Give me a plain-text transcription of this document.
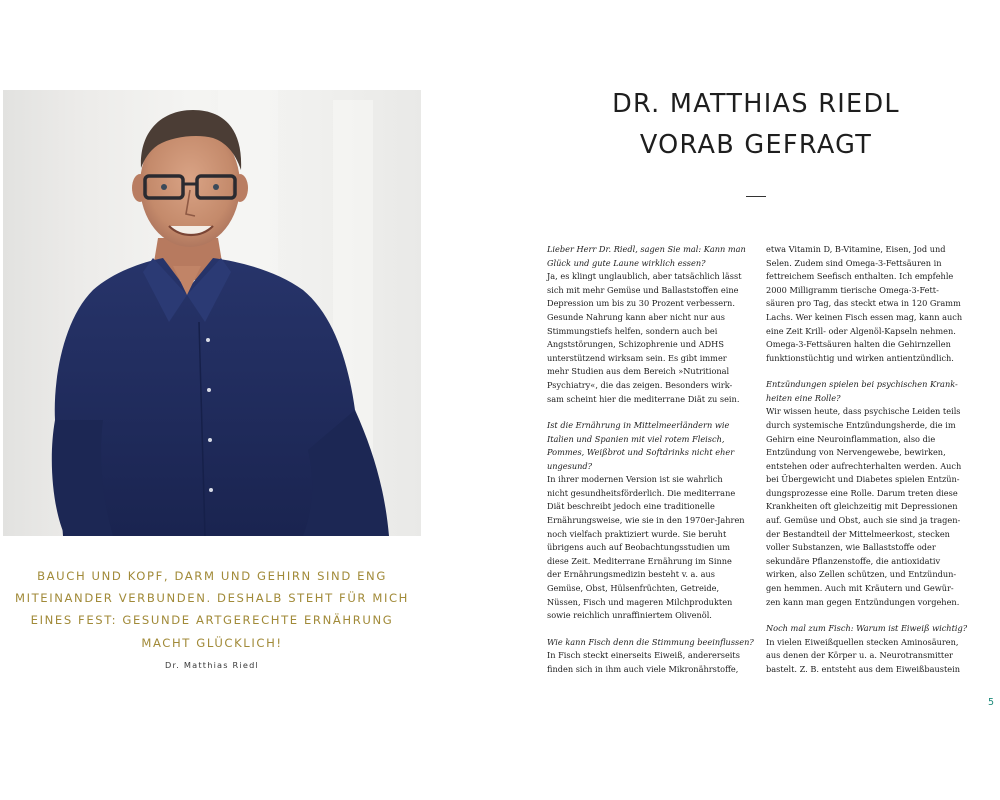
BAUCH UND KOPF, DARM UND GEHIRN SIND ENG
MITEINANDER VERBUNDEN. DESHALB STEHT FÜR MICH
EINES FEST: GESUNDE ARTGERECHTE ERNÄHRUNG
MACHT GLÜCKLICH!
Dr. Matthias Riedl
DR. MATTHIAS RIEDL
VORAB GEFRAGT
Lieber Herr Dr. Riedl, sagen Sie mal: Kann man
Glück und gute Laune wirklich essen?
Ja, es klingt unglaublich, aber tatsächlich lässt
sich mit mehr Gemüse und Ballaststoffen eine
Depression um bis zu 30 Prozent verbessern.
Gesunde Nahrung kann aber nicht nur aus
Stimmungstiefs helfen, sondern auch bei
Angststörungen, Schizophrenie und ADHS
unterstützend wirksam sein. Es gibt immer
mehr Studien aus dem Bereich »Nutritional
Psychiatry«, die das zeigen. Besonders wirk-
sam scheint hier die mediterrane Diät zu sein.
Ist die Ernährung in Mittelmeerländern wie
Italien und Spanien mit viel rotem Fleisch,
Pommes, Weißbrot und Softdrinks nicht eher
ungesund?
In ihrer modernen Version ist sie wahrlich
nicht gesundheitsförderlich. Die mediterrane
Diät beschreibt jedoch eine traditionelle
Ernährungsweise, wie sie in den 1970er-Jahren
noch vielfach praktiziert wurde. Sie beruht
übrigens auch auf Beobachtungsstudien um
diese Zeit. Mediterrane Ernährung im Sinne
der Ernährungsmedizin besteht v. a. aus
Gemüse, Obst, Hülsenfrüchten, Getreide,
Nüssen, Fisch und mageren Milchprodukten
sowie reichlich unraffiniertem Olivenöl.
Wie kann Fisch denn die Stimmung beeinflussen?
In Fisch steckt einerseits Eiweiß, andererseits
finden sich in ihm auch viele Mikronährstoffe,
etwa Vitamin D, B-Vitamine, Eisen, Jod und
Selen. Zudem sind Omega-3-Fettsäuren in
fettreichem Seefisch enthalten. Ich empfehle
2000 Milligramm tierische Omega-3-Fett-
säuren pro Tag, das steckt etwa in 120 Gramm
Lachs. Wer keinen Fisch essen mag, kann auch
eine Zeit Krill- oder Algenöl-Kapseln nehmen.
Omega-3-Fettsäuren halten die Gehirnzellen
funktionstüchtig und wirken antientzündlich.
Entzündungen spielen bei psychischen Krank-
heiten eine Rolle?
Wir wissen heute, dass psychische Leiden teils
durch systemische Entzündungsherde, die im
Gehirn eine Neuroinflammation, also die
Entzündung von Nervengewebe, bewirken,
entstehen oder aufrechterhalten werden. Auch
bei Übergewicht und Diabetes spielen Entzün-
dungsprozesse eine Rolle. Darum treten diese
Krankheiten oft gleichzeitig mit Depressionen
auf. Gemüse und Obst, auch sie sind ja tragen-
der Bestandteil der Mittelmeerkost, stecken
voller Substanzen, wie Ballaststoffe oder
sekundäre Pflanzenstoffe, die antioxidativ
wirken, also Zellen schützen, und Entzündun-
gen hemmen. Auch mit Kräutern und Gewür-
zen kann man gegen Entzündungen vorgehen.
Noch mal zum Fisch: Warum ist Eiweiß wichtig?
In vielen Eiweißquellen stecken Aminosäuren,
aus denen der Körper u. a. Neurotransmitter
bastelt. Z. B. entsteht aus dem Eiweißbaustein
5
